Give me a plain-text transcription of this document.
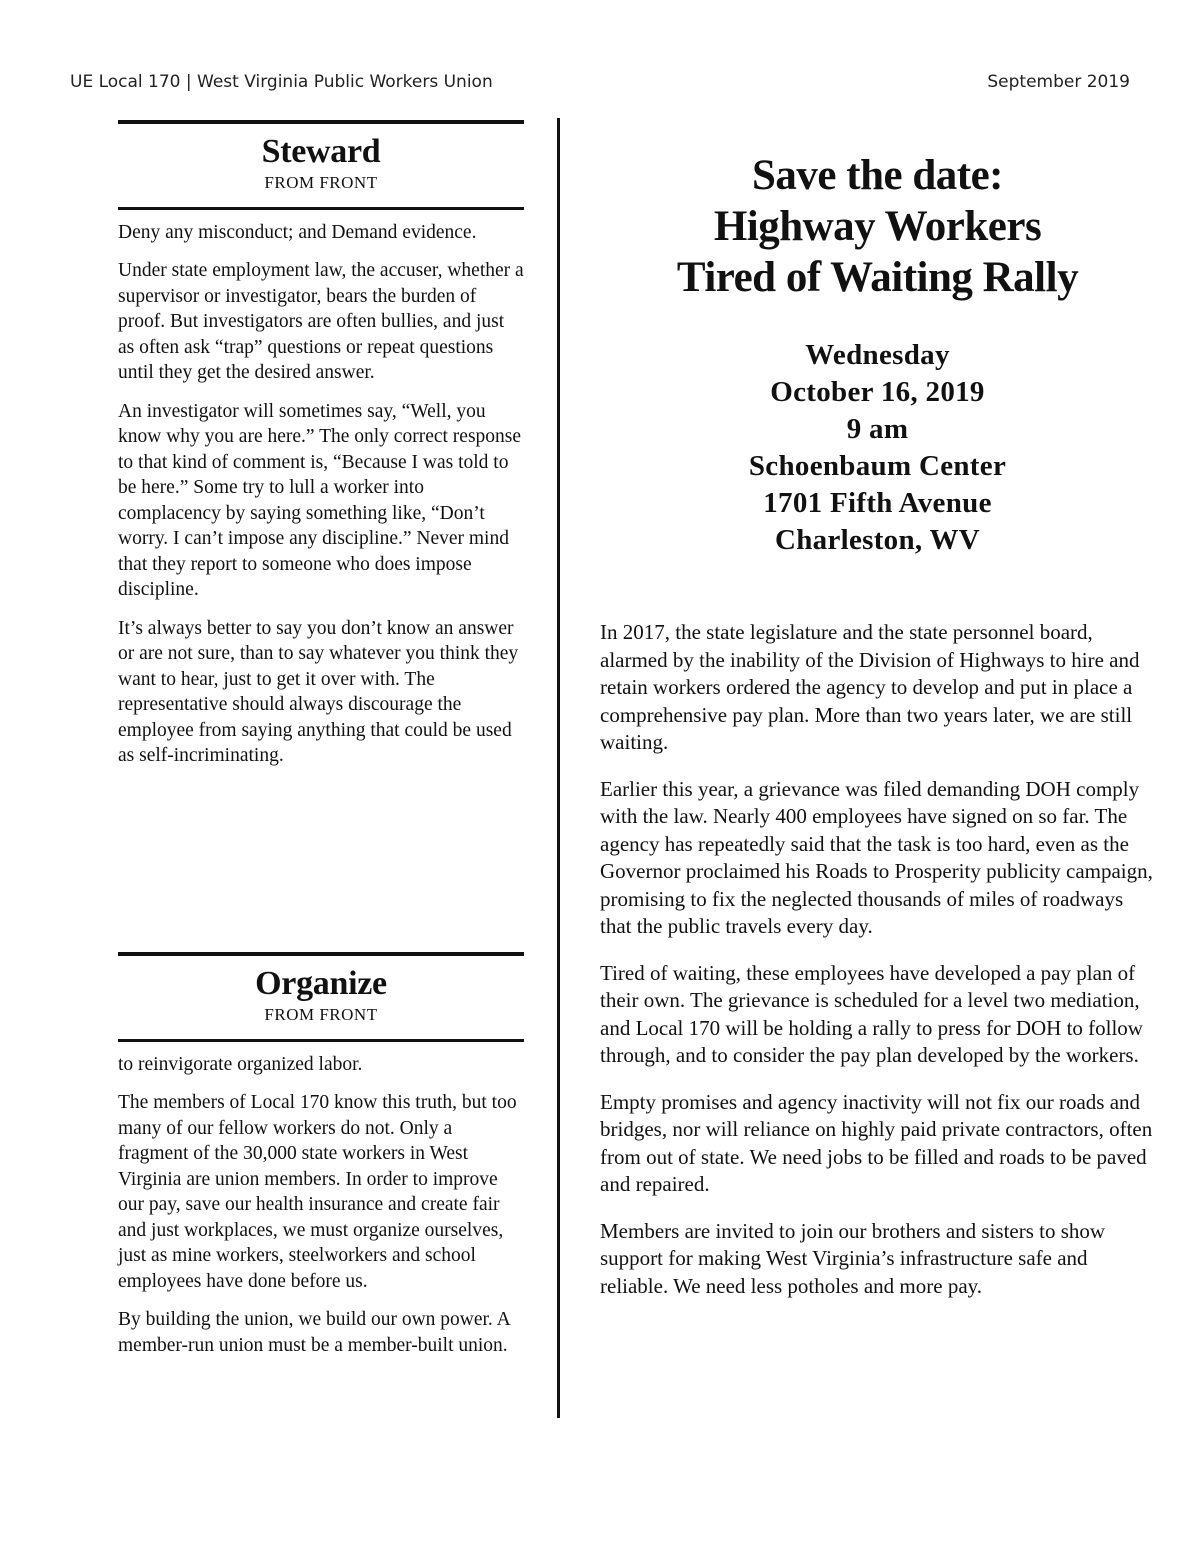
UE Local 170 | West Virginia Public Workers Union	September 2019
Steward
FROM FRONT

Deny any misconduct; and Demand evidence.

Under state employment law, the accuser, whether a supervisor or investigator, bears the burden of proof. But investigators are often bullies, and just as often ask “trap” questions or repeat questions until they get the desired answer.

An investigator will sometimes say, “Well, you know why you are here.” The only correct response to that kind of comment is, “Because I was told to be here.” Some try to lull a worker into complacency by saying something like, “Don’t worry. I can’t impose any discipline.” Never mind that they report to someone who does impose discipline.

It’s always better to say you don’t know an answer or are not sure, than to say whatever you think they want to hear, just to get it over with. The representative should always discourage the employee from saying anything that could be used as self-incriminating.

Organize
FROM FRONT

to reinvigorate organized labor.

The members of Local 170 know this truth, but too many of our fellow workers do not. Only a fragment of the 30,000 state workers in West Virginia are union members. In order to improve our pay, save our health insurance and create fair and just workplaces, we must organize ourselves, just as mine workers, steelworkers and school employees have done before us.

By building the union, we build our own power. A member-run union must be a member-built union.

Save the date:
Highway Workers
Tired of Waiting Rally
Wednesday
October 16, 2019
9 am
Schoenbaum Center
1701 Fifth Avenue
Charleston, WV

In 2017, the state legislature and the state personnel board, alarmed by the inability of the Division of Highways to hire and retain workers ordered the agency to develop and put in place a comprehensive pay plan. More than two years later, we are still waiting.

Earlier this year, a grievance was filed demanding DOH comply with the law. Nearly 400 employees have signed on so far. The agency has repeatedly said that the task is too hard, even as the Governor proclaimed his Roads to Prosperity publicity campaign, promising to fix the neglected thousands of miles of roadways that the public travels every day.

Tired of waiting, these employees have developed a pay plan of their own. The grievance is scheduled for a level two mediation, and Local 170 will be holding a rally to press for DOH to follow through, and to consider the pay plan developed by the workers.

Empty promises and agency inactivity will not fix our roads and bridges, nor will reliance on highly paid private contractors, often from out of state. We need jobs to be filled and roads to be paved and repaired.

Members are invited to join our brothers and sisters to show support for making West Virginia’s infrastructure safe and reliable. We need less potholes and more pay.
